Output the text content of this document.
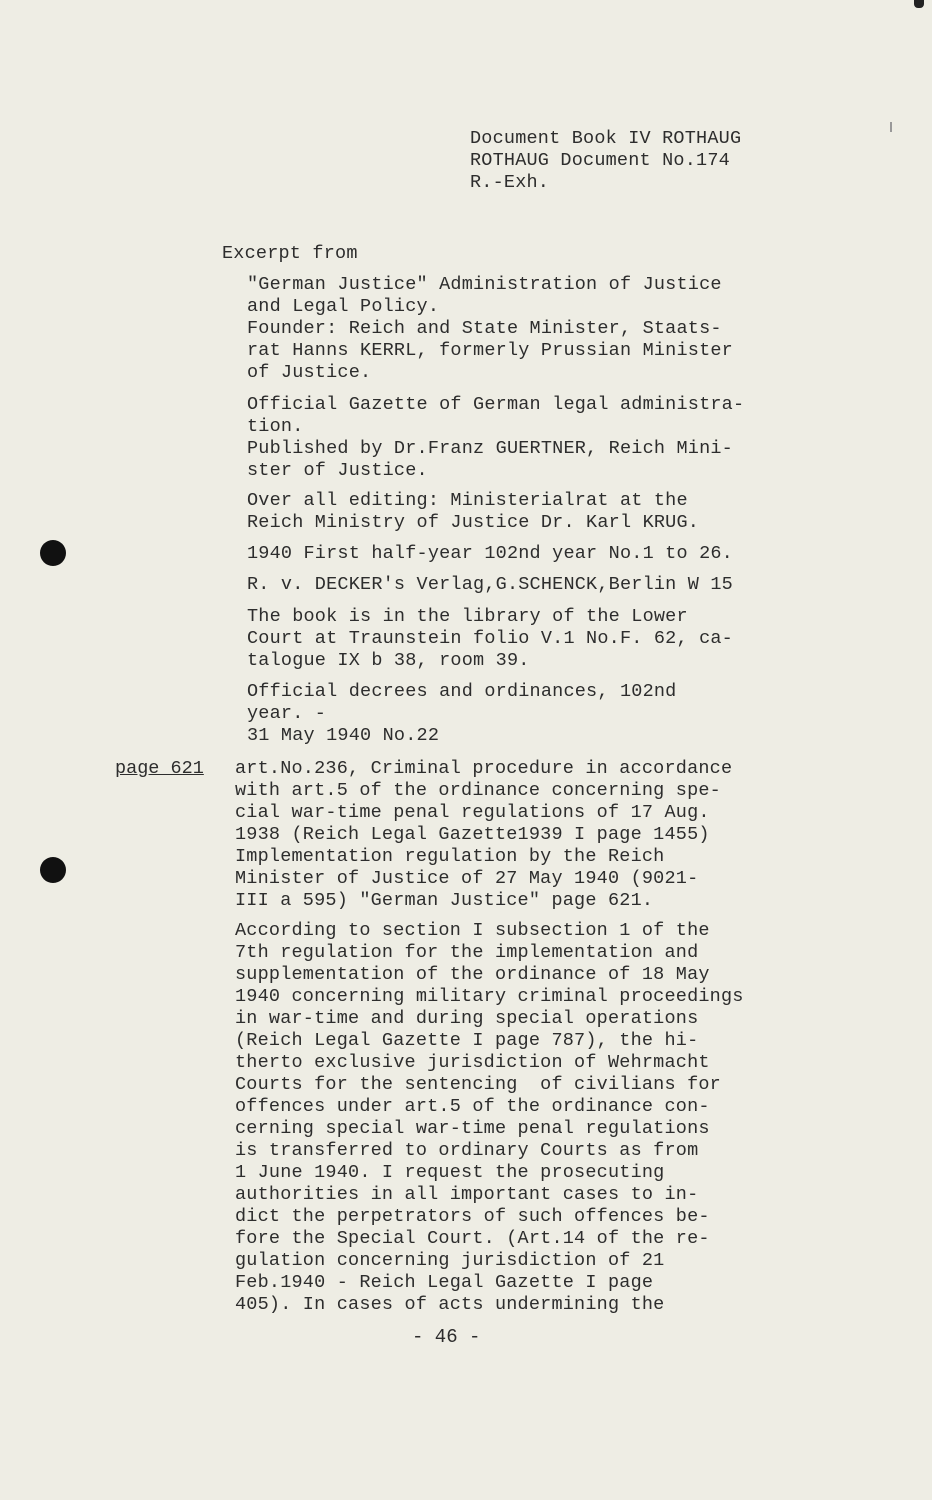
Document Book IV ROTHAUG
ROTHAUG Document No.174
R.-Exh.
Excerpt from
"German Justice" Administration of Justice
and Legal Policy.
Founder: Reich and State Minister, Staats-
rat Hanns KERRL, formerly Prussian Minister
of Justice.
Official Gazette of German legal administra-
tion.
Published by Dr.Franz GUERTNER, Reich Mini-
ster of Justice.
Over all editing: Ministerialrat at the
Reich Ministry of Justice Dr. Karl KRUG.
1940 First half-year 102nd year No.1 to 26.
R. v. DECKER's Verlag,G.SCHENCK,Berlin W 15
The book is in the library of the Lower
Court at Traunstein folio V.1 No.F. 62, ca-
talogue IX b 38, room 39.
Official decrees and ordinances, 102nd
year. -
31 May 1940 No.22
page 621 art.No.236, Criminal procedure in accordance
with art.5 of the ordinance concerning spe-
cial war-time penal regulations of 17 Aug.
1938 (Reich Legal Gazette1939 I page 1455)
Implementation regulation by the Reich
Minister of Justice of 27 May 1940 (9021-
III a 595) "German Justice" page 621.
According to section I subsection 1 of the
7th regulation for the implementation and
supplementation of the ordinance of 18 May
1940 concerning military criminal proceedings
in war-time and during special operations
(Reich Legal Gazette I page 787), the hi-
therto exclusive jurisdiction of Wehrmacht
Courts for the sentencing  of civilians for
offences under art.5 of the ordinance con-
cerning special war-time penal regulations
is transferred to ordinary Courts as from
1 June 1940. I request the prosecuting
authorities in all important cases to in-
dict the perpetrators of such offences be-
fore the Special Court. (Art.14 of the re-
gulation concerning jurisdiction of 21
Feb.1940 - Reich Legal Gazette I page
405). In cases of acts undermining the
- 46 -
